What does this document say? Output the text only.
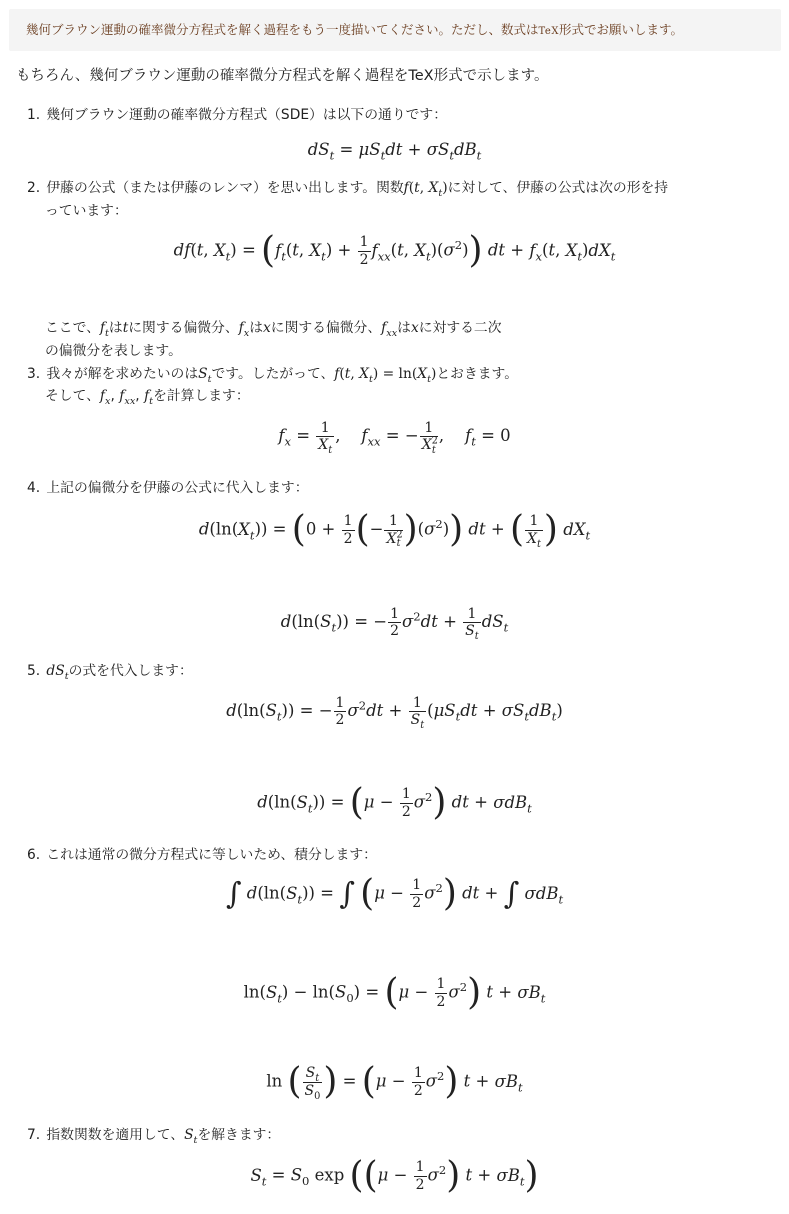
幾何ブラウン運動の確率微分方程式を解く過程をもう一度描いてください。ただし、数式はTeX形式でお願いします。
もちろん、幾何ブラウン運動の確率微分方程式を解く過程をTeX形式で示します。
1. 幾何ブラウン運動の確率微分方程式（SDE）は以下の通りです：
$dS_t = \mu S_tdt + \sigma S_tdB_t$
2. 伊藤の公式（または伊藤のレンマ）を思い出します。関数f(t, $X_t$)に対して、伊藤の公式は次の形を持
っています：
df(t, $X_t) = (f_t(t$, $X_t) + \frac{1}{2} f_{xx}(t$, $X_t)(\sigma^2)$) dt + $f_x(t$, $X_t)dX_t$
ここで、$f_t$はtに関する偏微分、$f_x$はxに関する偏微分、$f_{xx}$はxに対する二次
の偏微分を表します。
3. 我々が解を求めたいのは$S_t$です。したがって、f(t, $X_t) = \ln(X_t)$とおきます。
そして、$f_x$, $f_{xx}$, $f_t$を計算します：
$f_x = \frac{1}{X_t}$ ,    $f_{xx}$ = − $\frac{1}{X^2_t}$ ,    $f_t = 0$
4. 上記の偏微分を伊藤の公式に代入します：
$d(\ln(X_t)) = (0 + \frac{1}{2}$ (− $\frac{1}{X^2_t} )(\sigma^2)$) dt + ( $\frac{1}{X_t}$ ) $dX_t$
$d(\ln(S_t))$ = − $\frac{1}{2} \sigma^2dt + \frac{1}{S_t} dS_t$
5. $dS_t$の式を代入します：
$d(\ln(S_t))$ = − $\frac{1}{2} \sigma^2dt + \frac{1}{S_t} (\mu S_tdt + \sigma S_tdB_t)$
$d(\ln(S_t)) = (\mu - \frac{1}{2} \sigma^2)$ dt + σdB$_t$
6. これは通常の微分方程式に等しいため、積分します：
∫ $d(\ln(S_t))$ = ∫ $(\mu - \frac{1}{2} \sigma^2)$ dt + ∫ σdB$_t$
$\ln(S_t) - \ln(S_0) = (\mu - \frac{1}{2} \sigma^2) t + \sigma B_t$
ln ( $\frac{S_t}{S_0}$ ) = $(\mu - \frac{1}{2} \sigma^2)$ $t + \sigma B_t$
7. 指数関数を適用して、$S_t$を解きます：
$S_t = S_0$ $\exp ((\mu - \frac{1}{2} \sigma^2)$ $t + \sigma B_t$)
